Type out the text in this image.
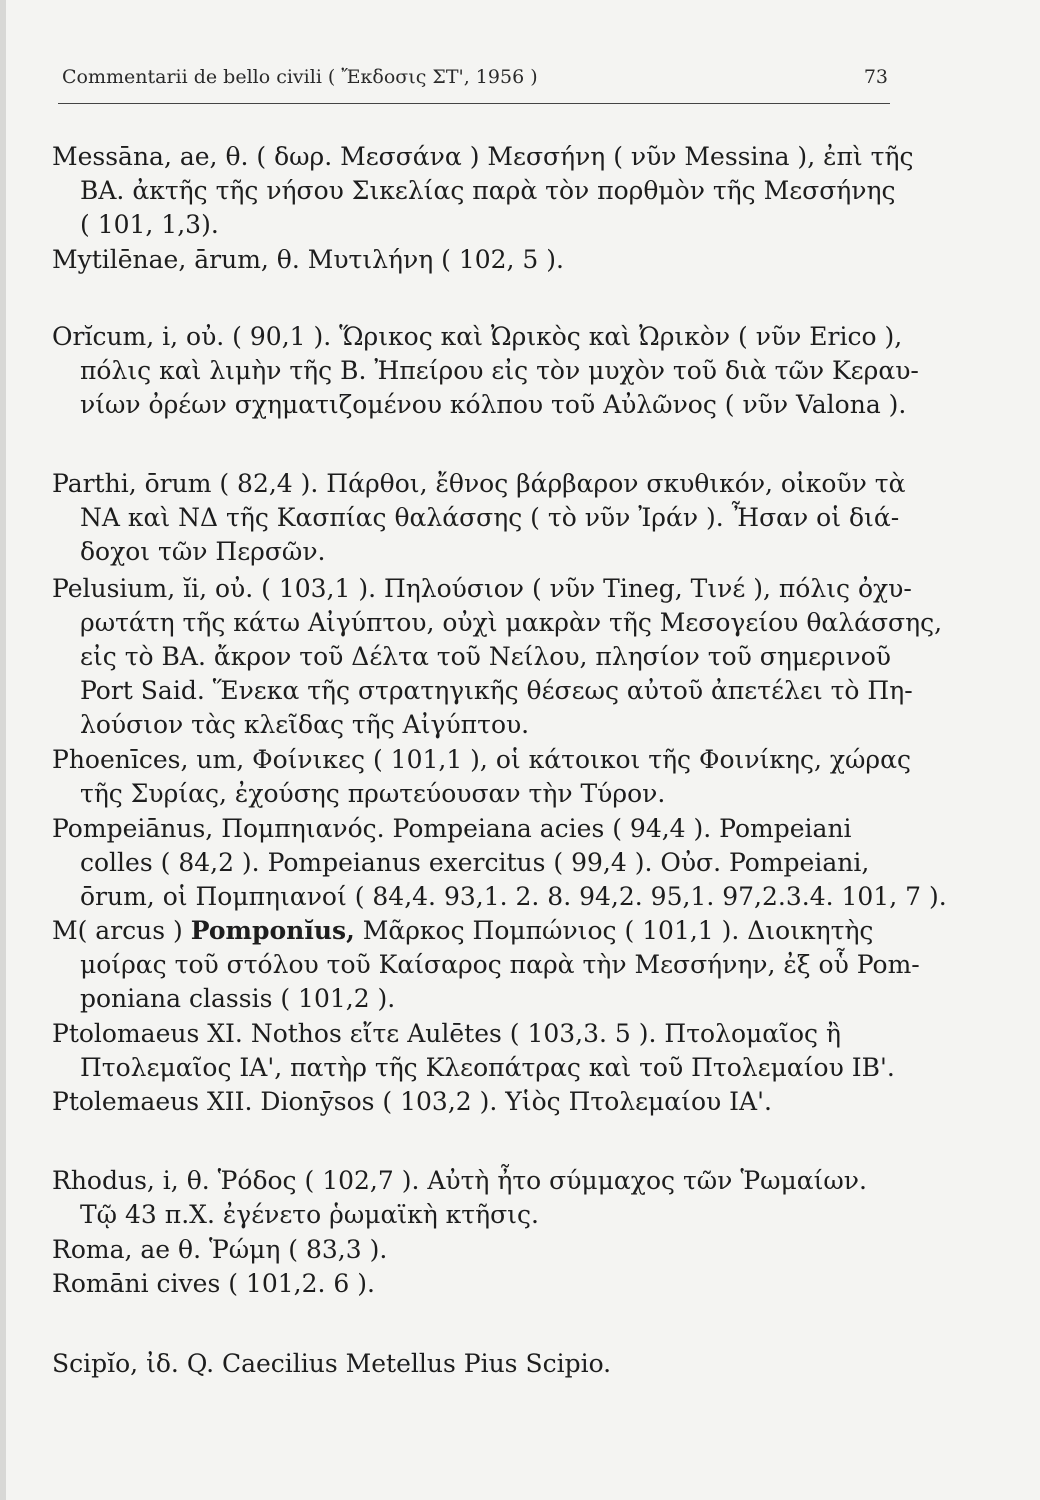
Commentarii de bello civili ( Ἔκδοσις ΣΤ', 1956 )	73
Messāna, ae, θ. ( δωρ. Μεσσάνα ) Μεσσήνη ( νῦν Messina ), ἐπὶ τῆς
ΒΑ. ἀκτῆς τῆς νήσου Σικελίας παρὰ τὸν πορθμὸν τῆς Μεσσήνης
( 101, 1,3).
Mytilēnae, ārum, θ. Μυτιλήνη ( 102, 5 ).
Orĭcum, i, οὐ. ( 90,1 ). Ὥρικος καὶ Ὠρικὸς καὶ Ὠρικὸν ( νῦν Erico ),
πόλις καὶ λιμὴν τῆς Β. Ἠπείρου εἰς τὸν μυχὸν τοῦ διὰ τῶν Κεραυ-
νίων ὀρέων σχηματιζομένου κόλπου τοῦ Αὐλῶνος ( νῦν Valona ).
Parthi, ōrum ( 82,4 ). Πάρθοι, ἔθνος βάρβαρον σκυθικόν, οἰκοῦν τὰ
ΝΑ καὶ ΝΔ τῆς Κασπίας θαλάσσης ( τὸ νῦν Ἰράν ). Ἦσαν οἱ διά-
δοχοι τῶν Περσῶν.
Pelusium, ĭi, οὐ. ( 103,1 ). Πηλούσιον ( νῦν Tineg, Τινέ ), πόλις ὀχυ-
ρωτάτη τῆς κάτω Αἰγύπτου, οὐχὶ μακρὰν τῆς Μεσογείου θαλάσσης,
εἰς τὸ ΒΑ. ἄκρον τοῦ Δέλτα τοῦ Νείλου, πλησίον τοῦ σημερινοῦ
Port Said. Ἕνεκα τῆς στρατηγικῆς θέσεως αὐτοῦ ἀπετέλει τὸ Πη-
λούσιον τὰς κλεῖδας τῆς Αἰγύπτου.
Phoenīces, um, Φοίνικες ( 101,1 ), οἱ κάτοικοι τῆς Φοινίκης, χώρας
τῆς Συρίας, ἐχούσης πρωτεύουσαν τὴν Τύρον.
Pompeiānus, Πομπηιανός. Pompeiana acies ( 94,4 ). Pompeiani
colles ( 84,2 ). Pompeianus exercitus ( 99,4 ). Οὐσ. Pompeiani,
ōrum, οἱ Πομπηιανοί ( 84,4. 93,1. 2. 8. 94,2. 95,1. 97,2.3.4. 101, 7 ).
M( arcus ) Pomponĭus, Μᾶρκος Πομπώνιος ( 101,1 ). Διοικητὴς
μοίρας τοῦ στόλου τοῦ Καίσαρος παρὰ τὴν Μεσσήνην, ἐξ οὗ Pom-
poniana classis ( 101,2 ).
Ptolomaeus XI. Nothos εἴτε Aulētes ( 103,3. 5 ). Πτολομαῖος ἢ
Πτολεμαῖος ΙΑ', πατὴρ τῆς Κλεοπάτρας καὶ τοῦ Πτολεμαίου ΙΒ'.
Ptolemaeus XII. Dionȳsos ( 103,2 ). Υἱὸς Πτολεμαίου ΙΑ'.
Rhodus, i, θ. Ῥόδος ( 102,7 ). Αὐτὴ ἦτο σύμμαχος τῶν Ῥωμαίων.
Τῷ 43 π.Χ. ἐγένετο ῥωμαϊκὴ κτῆσις.
Roma, ae θ. Ῥώμη ( 83,3 ).
Romāni cives ( 101,2. 6 ).
Scipĭo, ἰδ. Q. Caecilius Metellus Pius Scipio.
